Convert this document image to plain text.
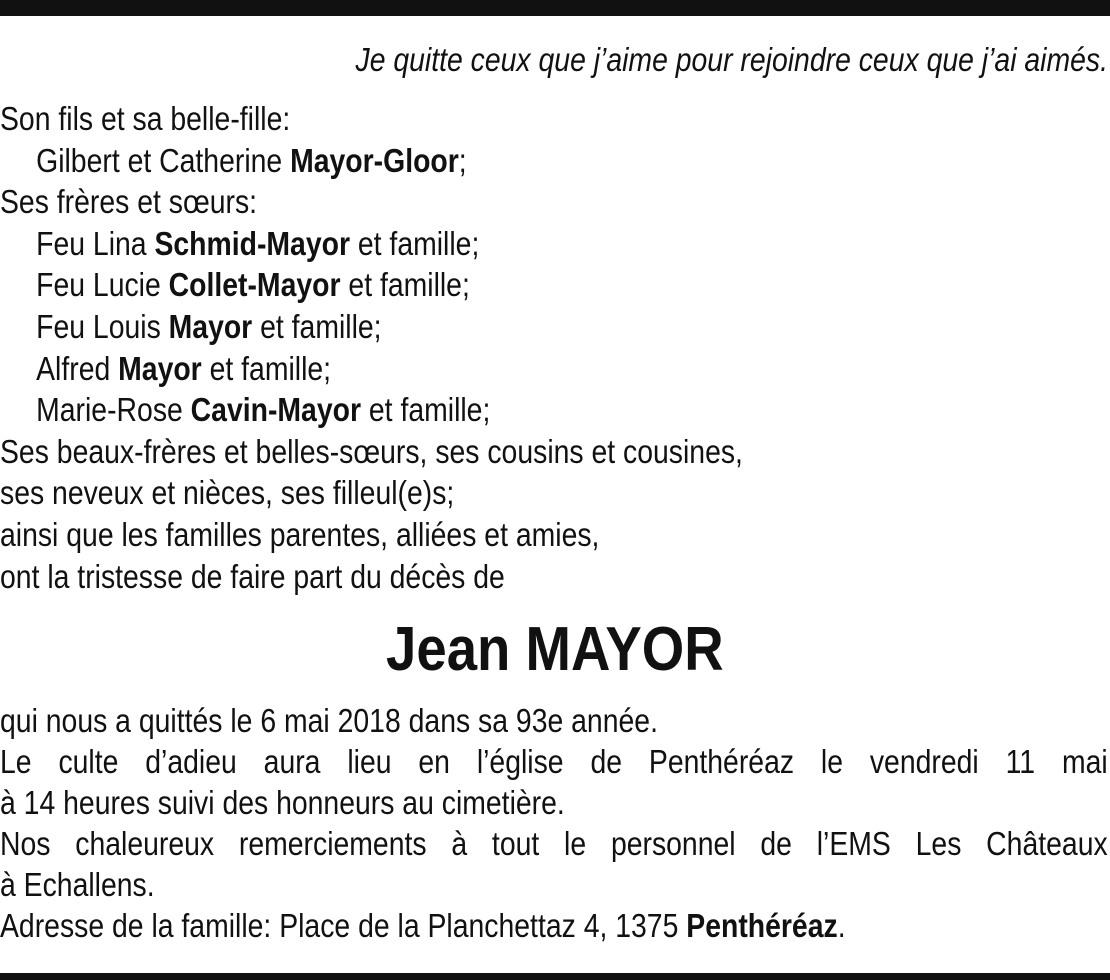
Je quitte ceux que j’aime pour rejoindre ceux que j’ai aimés.
Son fils et sa belle-fille:
Gilbert et Catherine Mayor-Gloor;
Ses frères et sœurs:
Feu Lina Schmid-Mayor et famille;
Feu Lucie Collet-Mayor et famille;
Feu Louis Mayor et famille;
Alfred Mayor et famille;
Marie-Rose Cavin-Mayor et famille;
Ses beaux-frères et belles-sœurs, ses cousins et cousines,
ses neveux et nièces, ses filleul(e)s;
ainsi que les familles parentes, alliées et amies,
ont la tristesse de faire part du décès de
Jean MAYOR
qui nous a quittés le 6 mai 2018 dans sa 93e année.
Le culte d’adieu aura lieu en l’église de Penthéréaz le vendredi 11 mai
à 14 heures suivi des honneurs au cimetière.
Nos chaleureux remerciements à tout le personnel de l’EMS Les Châteaux
à Echallens.
Adresse de la famille: Place de la Planchettaz 4, 1375 Penthéréaz.
